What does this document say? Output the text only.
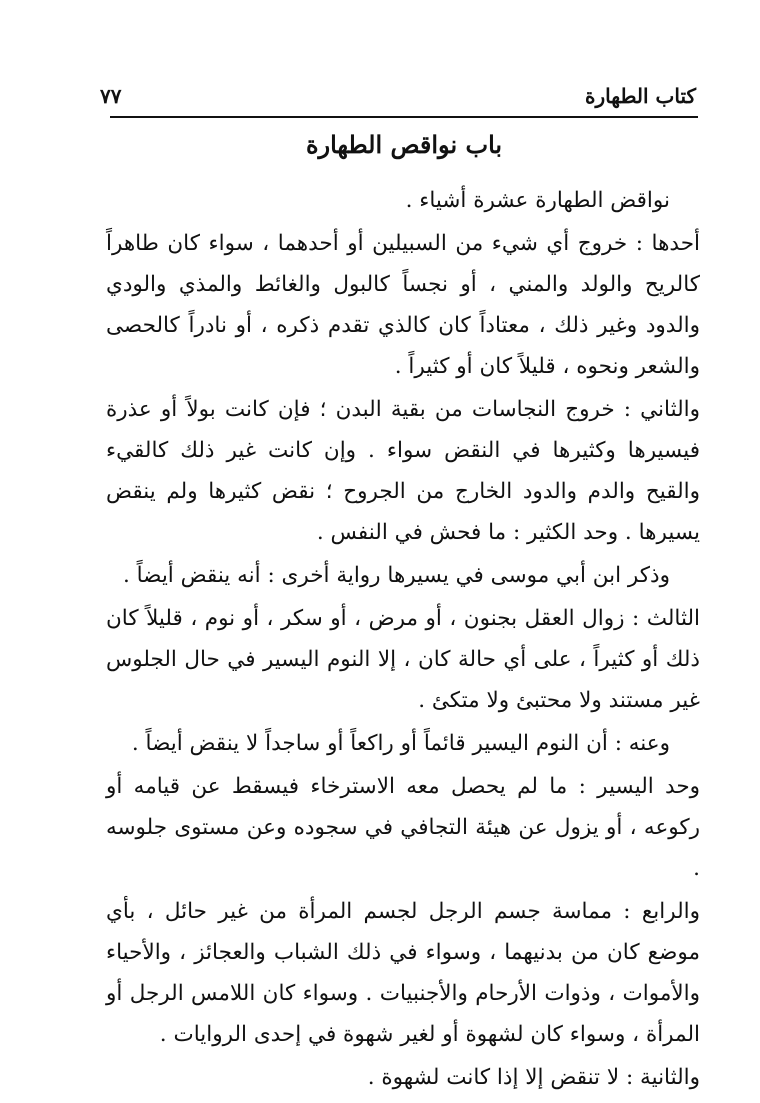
كتاب الطهارة
٧٧
باب نواقص الطهارة

نواقض الطهارة عشرة أشياء .

أحدها : خروج أي شيء من السبيلين أو أحدهما ، سواء كان طاهراً كالريح والولد والمني ، أو نجساً كالبول والغائط والمذي والودي والدود وغير ذلك ، معتاداً كان كالذي تقدم ذكره ، أو نادراً كالحصى والشعر ونحوه ، قليلاً كان أو كثيراً .

والثاني : خروج النجاسات من بقية البدن ؛ فإن كانت بولاً أو عذرة فيسيرها وكثيرها في النقض سواء . وإن كانت غير ذلك كالقيء والقيح والدم والدود الخارج من الجروح ؛ نقض كثيرها ولم ينقض يسيرها . وحد الكثير : ما فحش في النفس .

وذكر ابن أبي موسى في يسيرها رواية أخرى : أنه ينقض أيضاً .

الثالث : زوال العقل بجنون ، أو مرض ، أو سكر ، أو نوم ، قليلاً كان ذلك أو كثيراً ، على أي حالة كان ، إلا النوم اليسير في حال الجلوس غير مستند ولا محتبئ ولا متكئ .

وعنه : أن النوم اليسير قائماً أو راكعاً أو ساجداً لا ينقض أيضاً .

وحد اليسير : ما لم يحصل معه الاسترخاء فيسقط عن قيامه أو ركوعه ، أو يزول عن هيئة التجافي في سجوده وعن مستوى جلوسه .

والرابع : مماسة جسم الرجل لجسم المرأة من غير حائل ، بأي موضع كان من بدنيهما ، وسواء في ذلك الشباب والعجائز ، والأحياء والأموات ، وذوات الأرحام والأجنبيات . وسواء كان اللامس الرجل أو المرأة ، وسواء كان لشهوة أو لغير شهوة في إحدى الروايات .

والثانية : لا تنقض إلا إذا كانت لشهوة .
